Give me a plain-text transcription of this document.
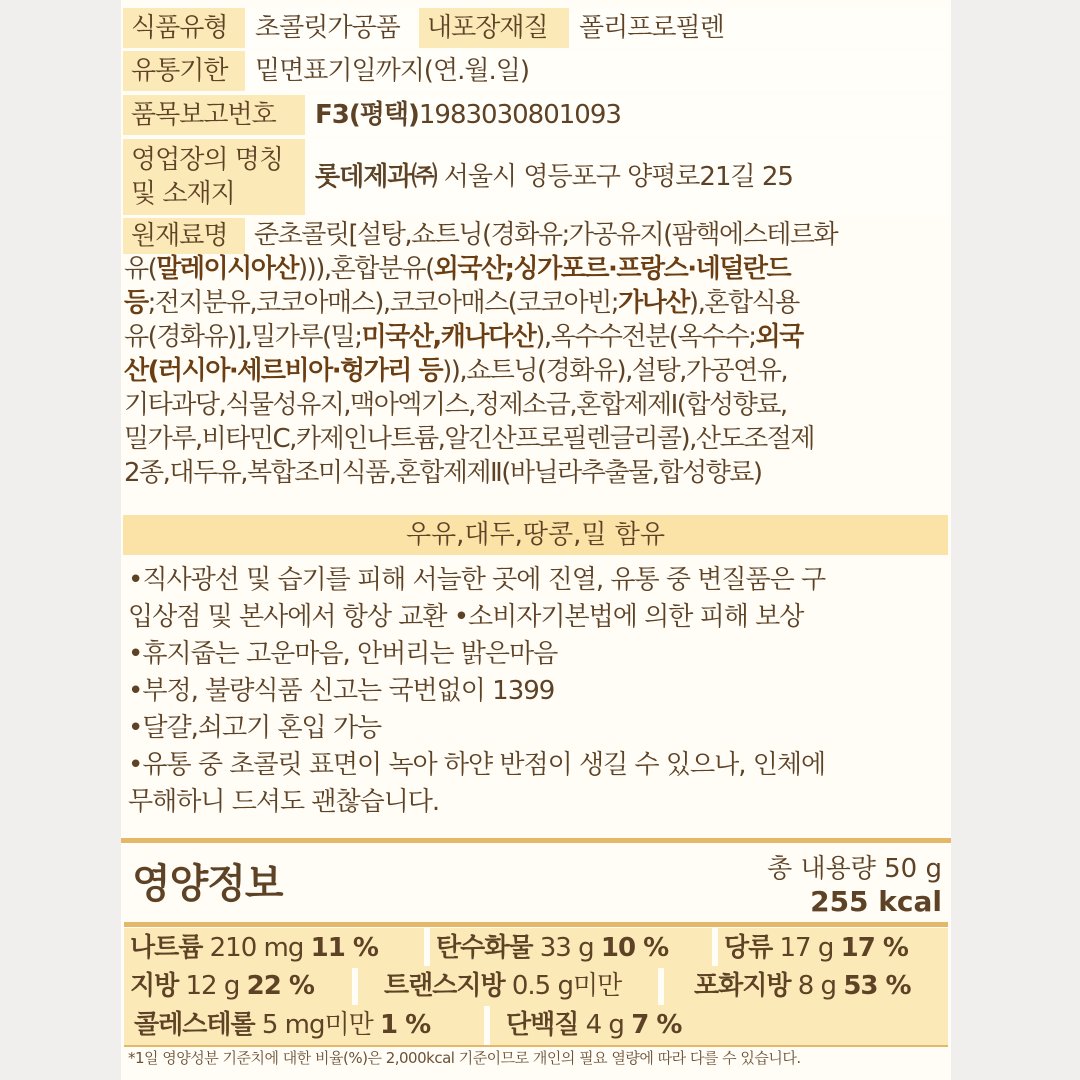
식품유형	초콜릿가공품	내포장재질	폴리프로필렌
유통기한	밑면표기일까지(연.월.일)
품목보고번호	F3(평택)1983030801093
영업장의 명칭
및 소재지
롯데제과㈜ 서울시 영등포구 양평로21길 25
원재료명	준초콜릿[설탕,쇼트닝(경화유;가공유지(팜핵에스테르화
유(말레이시아산))),혼합분유(외국산;싱가포르·프랑스·네덜란드
등;전지분유,코코아매스),코코아매스(코코아빈;가나산),혼합식용
유(경화유)],밀가루(밀;미국산,캐나다산),옥수수전분(옥수수;외국
산(러시아·세르비아·헝가리 등)),쇼트닝(경화유),설탕,가공연유,
기타과당,식물성유지,맥아엑기스,정제소금,혼합제제Ⅰ(합성향료,
밀가루,비타민C,카제인나트륨,알긴산프로필렌글리콜),산도조절제
2종,대두유,복합조미식품,혼합제제Ⅱ(바닐라추출물,합성향료)
우유,대두,땅콩,밀 함유
•직사광선 및 습기를 피해 서늘한 곳에 진열, 유통 중 변질품은 구
입상점 및 본사에서 항상 교환 •소비자기본법에 의한 피해 보상
•휴지줍는 고운마음, 안버리는 밝은마음
•부정, 불량식품 신고는 국번없이 1399
•달걀,쇠고기 혼입 가능
•유통 중 초콜릿 표면이 녹아 하얀 반점이 생길 수 있으나, 인체에
무해하니 드셔도 괜찮습니다.
영양정보	총 내용량 50 g
255 kcal
나트륨 210 mg 11 %	탄수화물 33 g 10 %	당류 17 g 17 %
지방 12 g 22 %	트랜스지방 0.5 g미만	포화지방 8 g 53 %
콜레스테롤 5 mg미만 1 %	단백질 4 g 7 %
*1일 영양성분 기준치에 대한 비율(%)은 2,000kcal 기준이므로 개인의 필요 열량에 따라 다를 수 있습니다.
